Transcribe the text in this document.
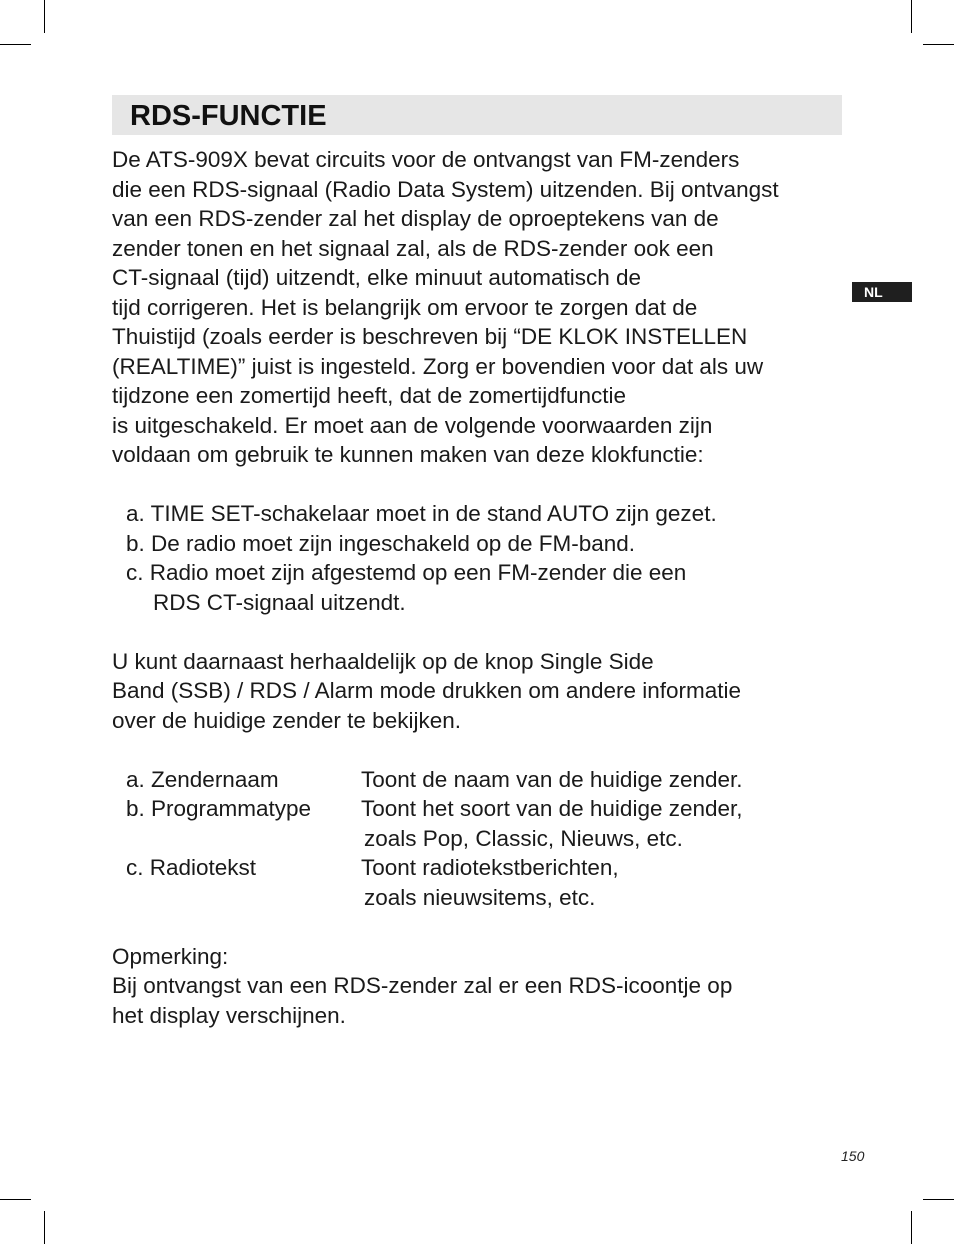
RDS-FUNCTIE
NL
De ATS-909X bevat circuits voor de ontvangst van FM-zenders
die een RDS-signaal (Radio Data System) uitzenden. Bij ontvangst
van een RDS-zender zal het display de oproeptekens van de
zender tonen en het signaal zal, als de RDS-zender ook een
CT-signaal (tijd) uitzendt, elke minuut automatisch de
tijd corrigeren. Het is belangrijk om ervoor te zorgen dat de
Thuistijd (zoals eerder is beschreven bij “DE KLOK INSTELLEN
(REALTIME)” juist is ingesteld. Zorg er bovendien voor dat als uw
tijdzone een zomertijd heeft, dat de zomertijdfunctie
is uitgeschakeld. Er moet aan de volgende voorwaarden zijn
voldaan om gebruik te kunnen maken van deze klokfunctie:
a. TIME SET-schakelaar moet in de stand AUTO zijn gezet.
b. De radio moet zijn ingeschakeld op de FM-band.
c. Radio moet zijn afgestemd op een FM-zender die een
RDS CT-signaal uitzendt.
U kunt daarnaast herhaaldelijk op de knop Single Side
Band (SSB) / RDS / Alarm mode drukken om andere informatie
over de huidige zender te bekijken.
a. Zendernaam	Toont de naam van de huidige zender.
b. Programmatype	Toont het soort van de huidige zender,
zoals Pop, Classic, Nieuws, etc.
c. Radiotekst	Toont radiotekstberichten,
zoals nieuwsitems, etc.
Opmerking:
Bij ontvangst van een RDS-zender zal er een RDS-icoontje op
het display verschijnen.
150
